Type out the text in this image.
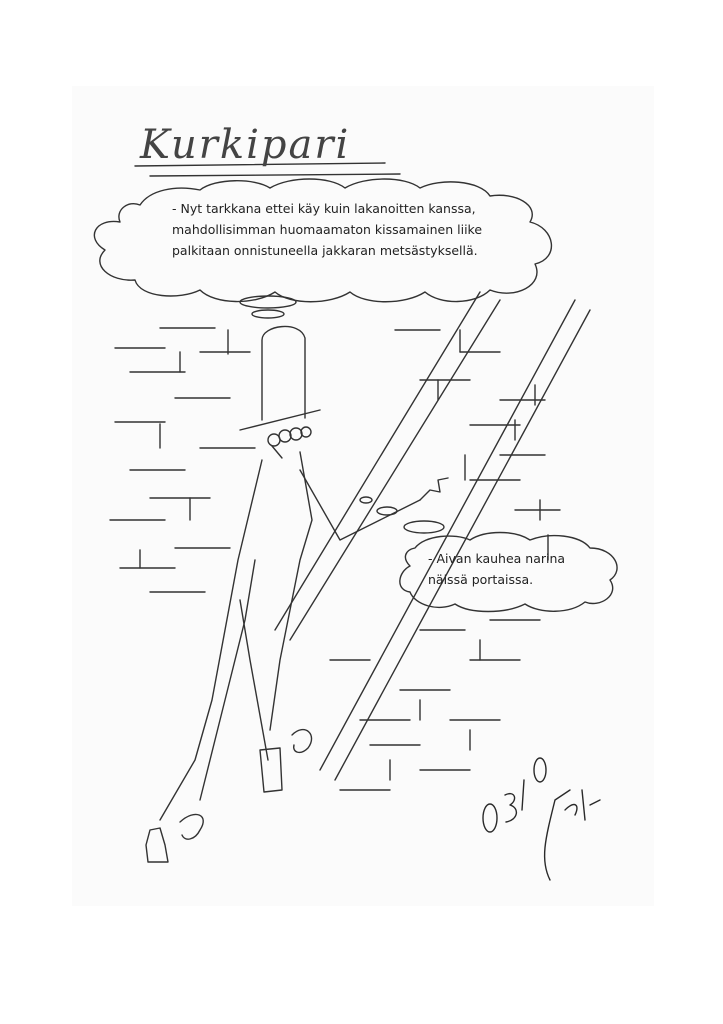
Kurkipari
- Nyt tarkkana ettei käy kuin lakanoitten kanssa,
mahdollisimman huomaamaton kissamainen liike
palkitaan onnistuneella jakkaran metsästyksellä.
- Aivan kauhea narina
näissä portaissa.
